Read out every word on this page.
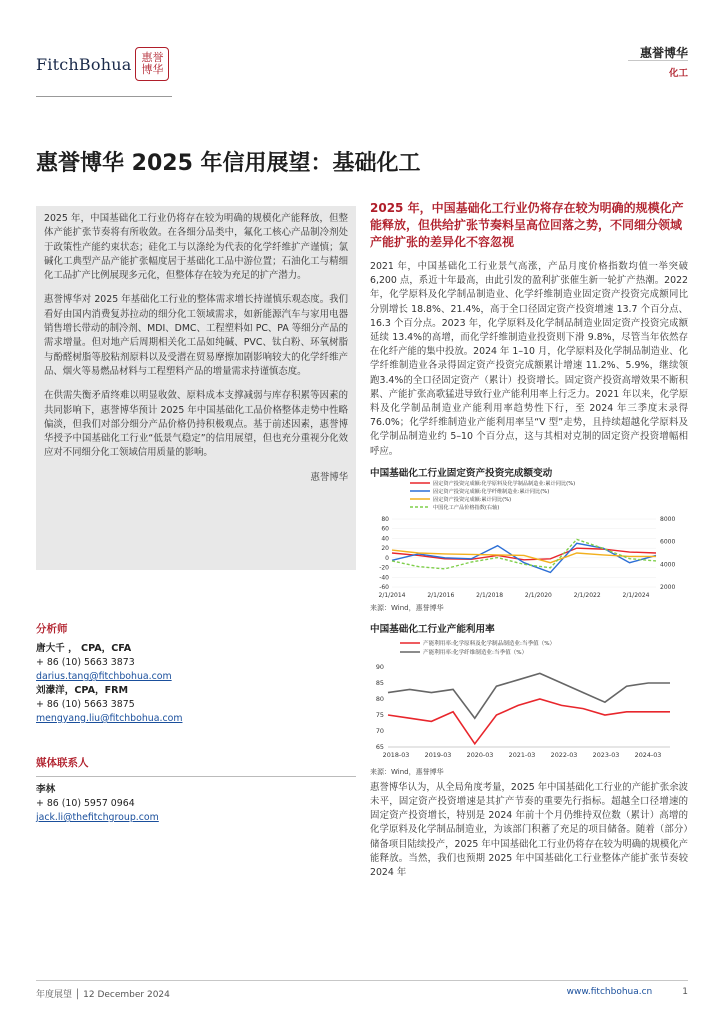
FitchBohua 惠誉博华
惠誉博华
化工
惠誉博华 2025 年信用展望：基础化工

2025 年，中国基础化工行业仍将存在较为明确的规模化产能释放，但整体产能扩张节奏将有所收敛。在各细分品类中，氟化工核心产品制冷剂处于政策性产能约束状态；硅化工与以涤纶为代表的化学纤维扩产谨慎；氯碱化工典型产品产能扩张幅度居于基础化工品中游位置；石油化工与精细化工品扩产比例展现多元化，但整体存在较为充足的扩产潜力。

惠誉博华对 2025 年基础化工行业的整体需求增长持谨慎乐观态度。我们看好由国内消费复苏拉动的细分化工领域需求，如新能源汽车与家用电器销售增长带动的制冷剂、MDI、DMC、工程塑料如 PC、PA 等细分产品的需求增量。但对地产后周期相关化工品如纯碱、PVC、钛白粉、环氧树脂与酚醛树脂等胶粘剂原料以及受潜在贸易摩擦加剧影响较大的化学纤维产品、烟火等易燃品材料与工程塑料产品的增量需求持谨慎态度。

在供需失衡矛盾终难以明显收敛、原料成本支撑减弱与库存积累等因素的共同影响下，惠誉博华预计 2025 年中国基础化工品价格整体走势中性略偏淡，但我们对部分细分产品价格仍持积极观点。基于前述因素，惠誉博华授予中国基础化工行业“低景气稳定”的信用展望，但也充分重视分化效应对不同细分化工领域信用质量的影响。

惠誉博华
分析师
唐大千 ， CPA，CFA
+ 86 (10) 5663 3873
darius.tang@fitchbohua.com
刘濛洋，CPA，FRM
+ 86 (10) 5663 3875
mengyang.liu@fitchbohua.com
媒体联系人
李林
+ 86 (10) 5957 0964
jack.li@thefitchgroup.com
2025 年，中国基础化工行业仍将存在较为明确的规模化产能释放，但供给扩张节奏料呈高位回落之势，不同细分领域产能扩张的差异化不容忽视
2021 年，中国基础化工行业景气高涨，产品月度价格指数均值一举突破 6,200 点，系近十年最高，由此引发的盈利扩张催生新一轮扩产热潮。2022 年，化学原料及化学制品制造业、化学纤维制造业固定资产投资完成额同比分别增长 18.8%、21.4%，高于全口径固定资产投资增速 13.7 个百分点、16.3 个百分点。2023 年，化学原料及化学制品制造业固定资产投资完成额延续 13.4%的高增，而化学纤维制造业投资则下滑 9.8%，尽管当年依然存在化纤产能的集中投放。2024 年 1–10 月，化学原料及化学制品制造业、化学纤维制造业各录得固定资产投资完成额累计增速 11.2%、5.9%，继续领跑3.4%的全口径固定资产（累计）投资增长。固定资产投资高增效果不断积累、产能扩张高歌猛进导致行业产能利用率上行乏力。2021 年以来，化学原料及化学制品制造业产能利用率趋势性下行，至 2024 年三季度末录得76.0%；化学纤维制造业产能利用率呈“V 型”走势，且持续超越化学原料及化学制品制造业约 5–10 个百分点，这与其相对克制的固定资产投资增幅相呼应。
中国基础化工行业固定资产投资完成额变动
固定资产投资完成额:化学原料及化学制品制造业:累计同比(%)
固定资产投资完成额:化学纤维制造业:累计同比(%)
固定资产投资完成额:累计同比(%)
中国化工产品价格指数(右轴)
80
60
40
20
0
-20
-40
-60
8000
6000
4000
2000
2/1/2014	2/1/2016	2/1/2018	2/1/2020	2/1/2022	2/1/2024
来源：Wind，惠誉博华
中国基础化工行业产能利用率
产能利用率:化学原料及化学制品制造业:当季值（%）
产能利用率:化学纤维制造业:当季值（%）
90
85
80
75
70
65
2018-03 2019-03 2020-03 2021-03 2022-03 2023-03 2024-03
来源：Wind，惠誉博华
惠誉博华认为，从全局角度考量，2025 年中国基础化工行业的产能扩张余波未平，固定资产投资增速是其扩产节奏的重要先行指标。超越全口径增速的固定资产投资增长，特别是 2024 年前十个月仍维持双位数（累计）高增的化学原料及化学制品制造业，为该部门积蓄了充足的项目储备。随着（部分）储备项目陆续投产，2025 年中国基础化工行业仍将存在较为明确的规模化产能释放。当然，我们也预期 2025 年中国基础化工行业整体产能扩张节奏较 2024 年
年度展望 │ 12 December 2024	www.fitchbohua.cn	1
